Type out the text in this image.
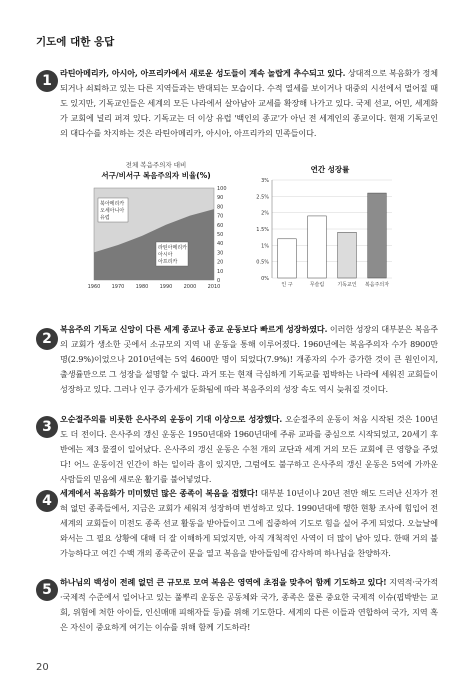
기도에 대한 응답
1	라틴아메리카, 아시아, 아프리카에서 새로운 성도들이 계속 놀랍게 추수되고 있다. 상대적으로 복음화가 정체되거나 쇠퇴하고 있는 다른 지역들과는 반대되는 모습이다. 수적 열세를 보이거나 대중의 시선에서 멀어질 때도 있지만, 기독교인들은 세계의 모든 나라에서 살아남아 교세를 확장해 나가고 있다. 국제 선교, 어민, 세계화가 교회에 널리 퍼져 있다. 기독교는 더 이상 유럽 '백인의 종교'가 아닌 전 세계인의 종교이다. 현재 기독교인의 대다수를 차지하는 것은 라틴아메리카, 아시아, 아프리카의 민족들이다.

전체 복음주의자 대비
서구/비서구 복음주의자 비율(%)
100
90
80
70
60
50
40
30
20
10
0
1960 1970 1980 1990 2000 2010
북아메리카
오세아니아
유럽
라틴아메리카
아시아
아프리카
연간 성장률
3%
2.5%
2%
1.5%
1%
0.5%
0%
인 구	무슬림	기독교인 복음주의자
2

복음주의 기독교 신앙이 다른 세계 종교나 종교 운동보다 빠르게 성장하였다. 이러한 성장의 대부분은 복음주의 교회가 생소한 곳에서 소규모의 지역 내 운동을 통해 이루어졌다. 1960년에는 복음주의자 수가 8900만 명(2.9%)이었으나 2010년에는 5억 4600만 명이 되었다(7.9%)! 개종자의 수가 증가한 것이 큰 원인이지, 출생률만으로 그 성장을 설명할 수 없다. 과거 또는 현재 극심하게 기독교를 핍박하는 나라에 세워진 교회들이 성장하고 있다. 그러나 인구 증가세가 둔화됨에 따라 복음주의의 성장 속도 역시 늦춰질 것이다.

3	오순절주의를 비롯한 은사주의 운동이 기대 이상으로 성장했다. 오순절주의 운동이 처음 시작된 것은 100년도 더 전이다. 은사주의 갱신 운동은 1950년대와 1960년대에 주류 교파를 중심으로 시작되었고, 20세기 후반에는 제3 물결이 일어났다. 은사주의 갱신 운동은 수천 개의 교단과 세계 거의 모든 교회에 큰 영향을 주었다! 어느 운동이건 인간이 하는 일이라 흠이 있지만, 그럼에도 불구하고 은사주의 갱신 운동은 5억에 가까운 사람들의 믿음에 새로운 활기를 불어넣었다.

4	세계에서 복음화가 미미했던 많은 종족이 복음을 접했다! 대부분 10년이나 20년 전만 해도 드러난 신자가 전혀 없던 종족들에서, 지금은 교회가 세워져 성장하며 번성하고 있다. 1990년대에 행한 현황 조사에 힘입어 전 세계의 교회들이 미전도 종족 선교 활동을 받아들이고 그에 집중하여 기도로 힘을 실어 주게 되었다. 오늘날에 와서는 그 필요 상황에 대해 더 잘 이해하게 되었지만, 아직 개척적인 사역이 더 많이 남아 있다. 한때 거의 불가능하다고 여긴 수백 개의 종족군이 문을 열고 복음을 받아들임에 감사하며 하나님을 찬양하자.

5	하나님의 백성이 전례 없던 큰 규모로 모여 복음은 영역에 초점을 맞추어 함께 기도하고 있다! 지역적·국가적·국제적 수준에서 일어나고 있는 풀뿌리 운동은 공동체와 국가, 종족은 물론 중요한 국제적 이슈(핍박받는 교회, 위험에 처한 아이들, 인신매매 피해자들 등)를 위해 기도한다. 세계의 다른 이들과 연합하여 국가, 지역 혹은 자신이 중요하게 여기는 이슈를 위해 함께 기도하라!

20
